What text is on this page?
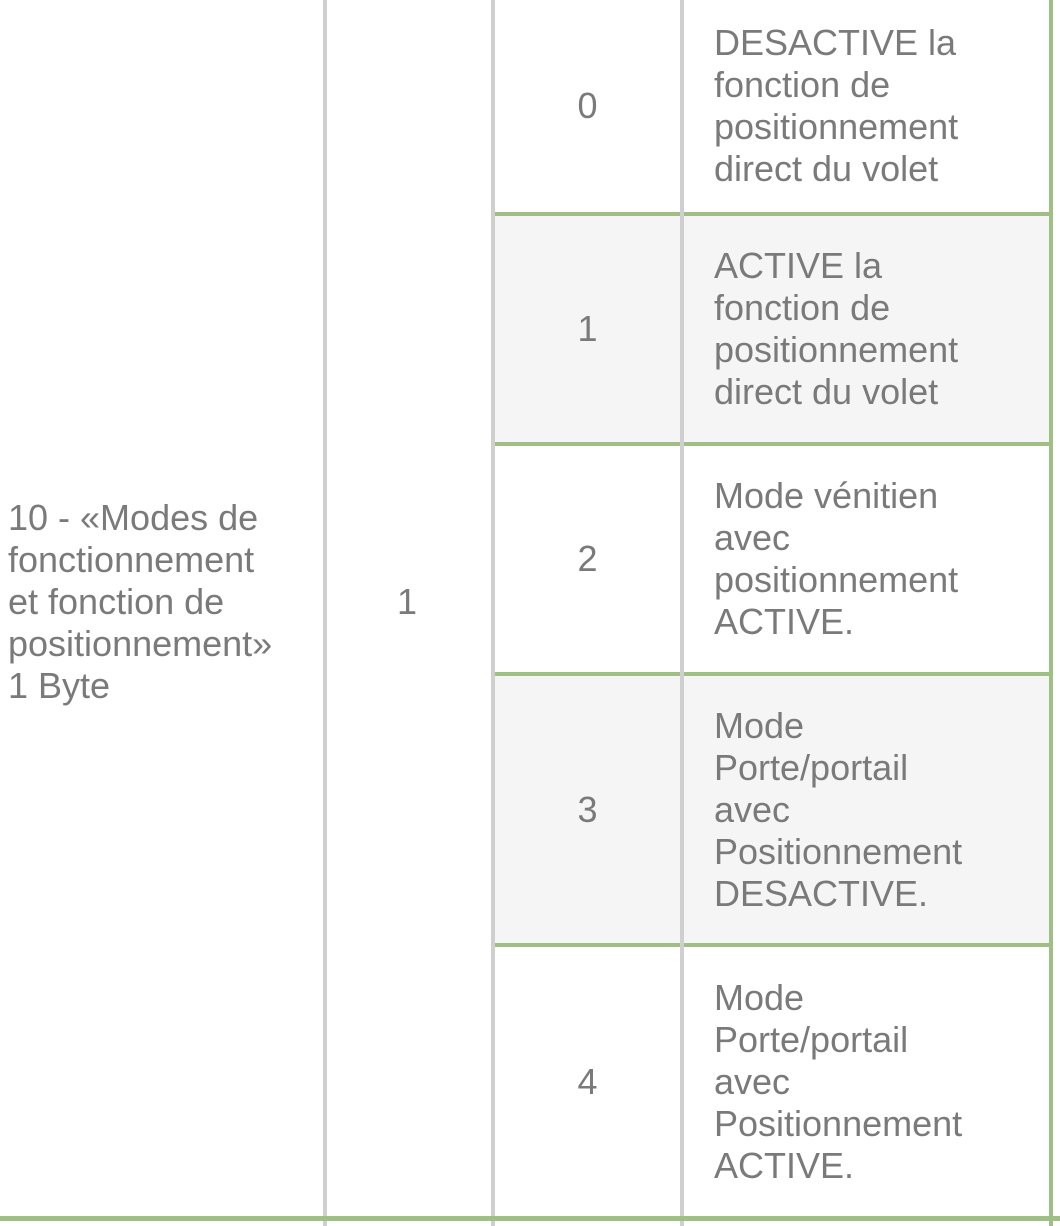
10 - «Modes de
fonctionnement
et fonction de
positionnement»
1 Byte
1
0
DESACTIVE la
fonction de
positionnement
direct du volet
1
ACTIVE la
fonction de
positionnement
direct du volet
2
Mode vénitien
avec
positionnement
ACTIVE.
3
Mode
Porte/portail
avec
Positionnement
DESACTIVE.
4
Mode
Porte/portail
avec
Positionnement
ACTIVE.
